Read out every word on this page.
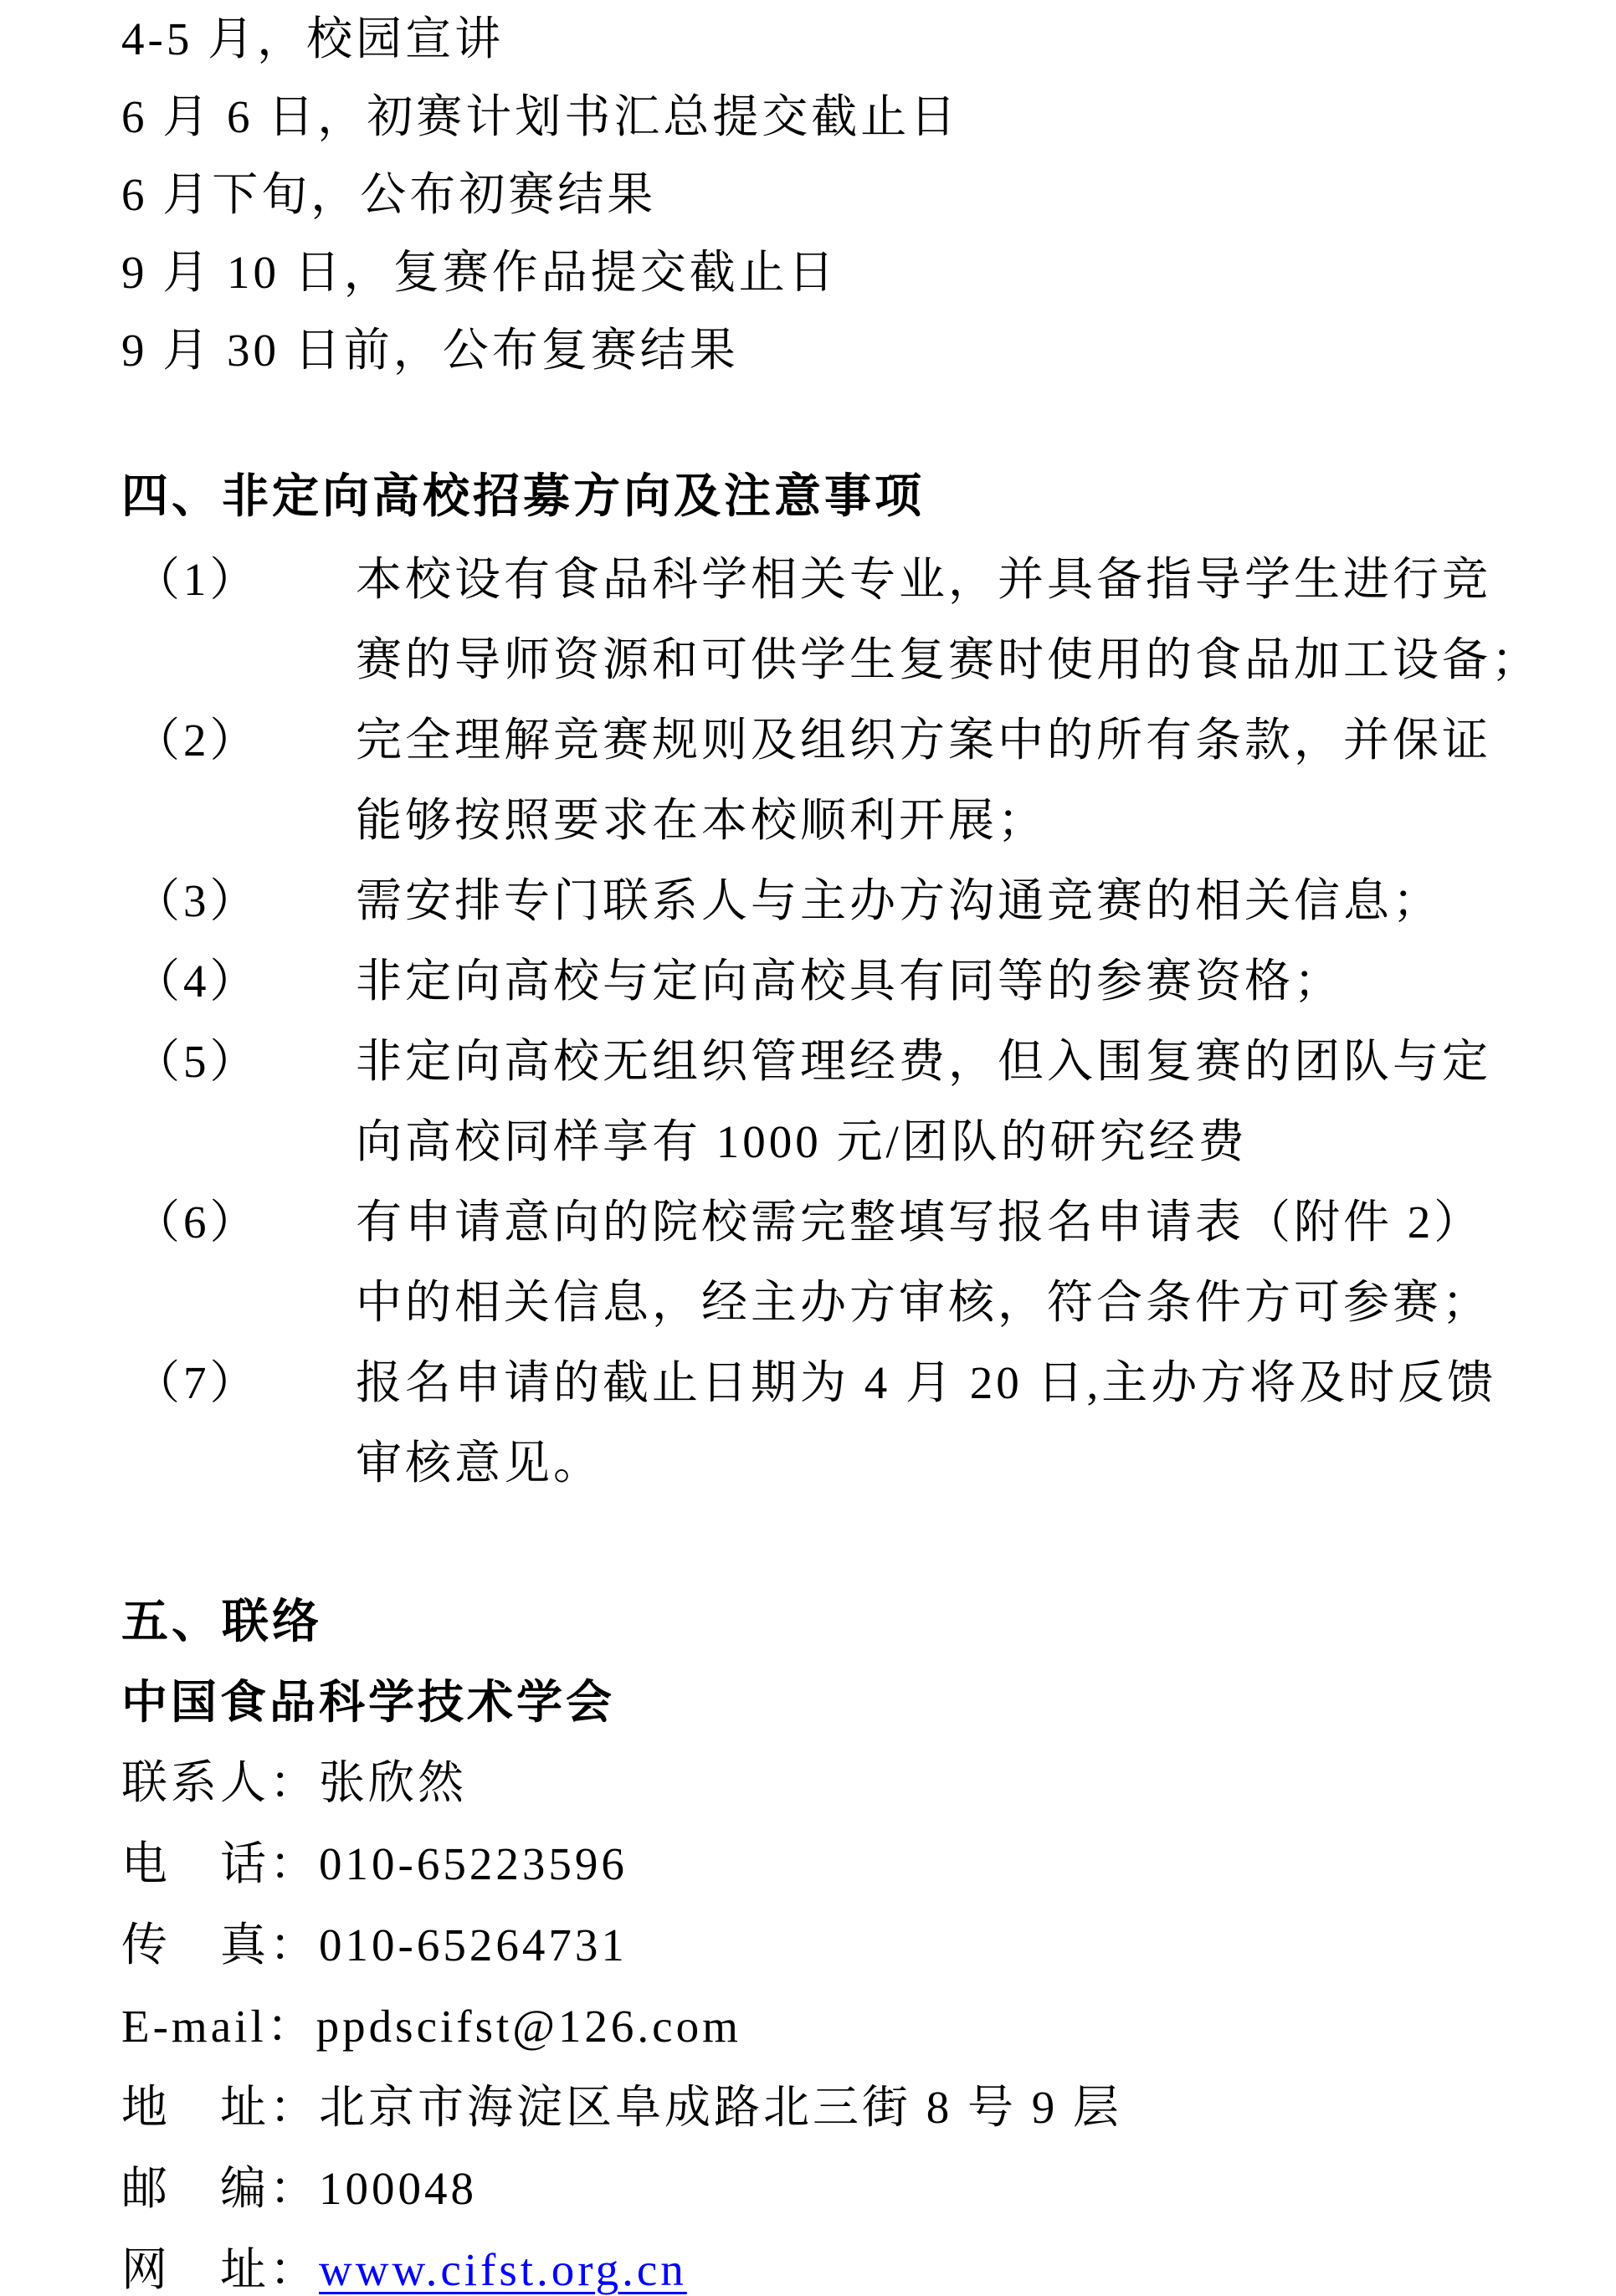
4-5 月，校园宣讲

6 月 6 日，初赛计划书汇总提交截止日

6 月下旬，公布初赛结果

9 月 10 日，复赛作品提交截止日

9 月 30 日前，公布复赛结果

四、非定向高校招募方向及注意事项
（1）	本校设有食品科学相关专业，并具备指导学生进行竞
赛的导师资源和可供学生复赛时使用的食品加工设备；
（2）	完全理解竞赛规则及组织方案中的所有条款，并保证
能够按照要求在本校顺利开展；
（3）	需安排专门联系人与主办方沟通竞赛的相关信息；
（4）	非定向高校与定向高校具有同等的参赛资格；
（5）	非定向高校无组织管理经费，但入围复赛的团队与定
向高校同样享有 1000 元/团队的研究经费
（6）	有申请意向的院校需完整填写报名申请表（附件 2）
中的相关信息，经主办方审核，符合条件方可参赛；
（7）	报名申请的截止日期为 4 月 20 日,主办方将及时反馈
审核意见。
五、联络

中国食品科学技术学会

联系人：张欣然

电　话：010-65223596

传　真：010-65264731

E-mail：ppdscifst@126.com

地　址：北京市海淀区阜成路北三街 8 号 9 层

邮　编：100048

网　址：www.cifst.org.cn
